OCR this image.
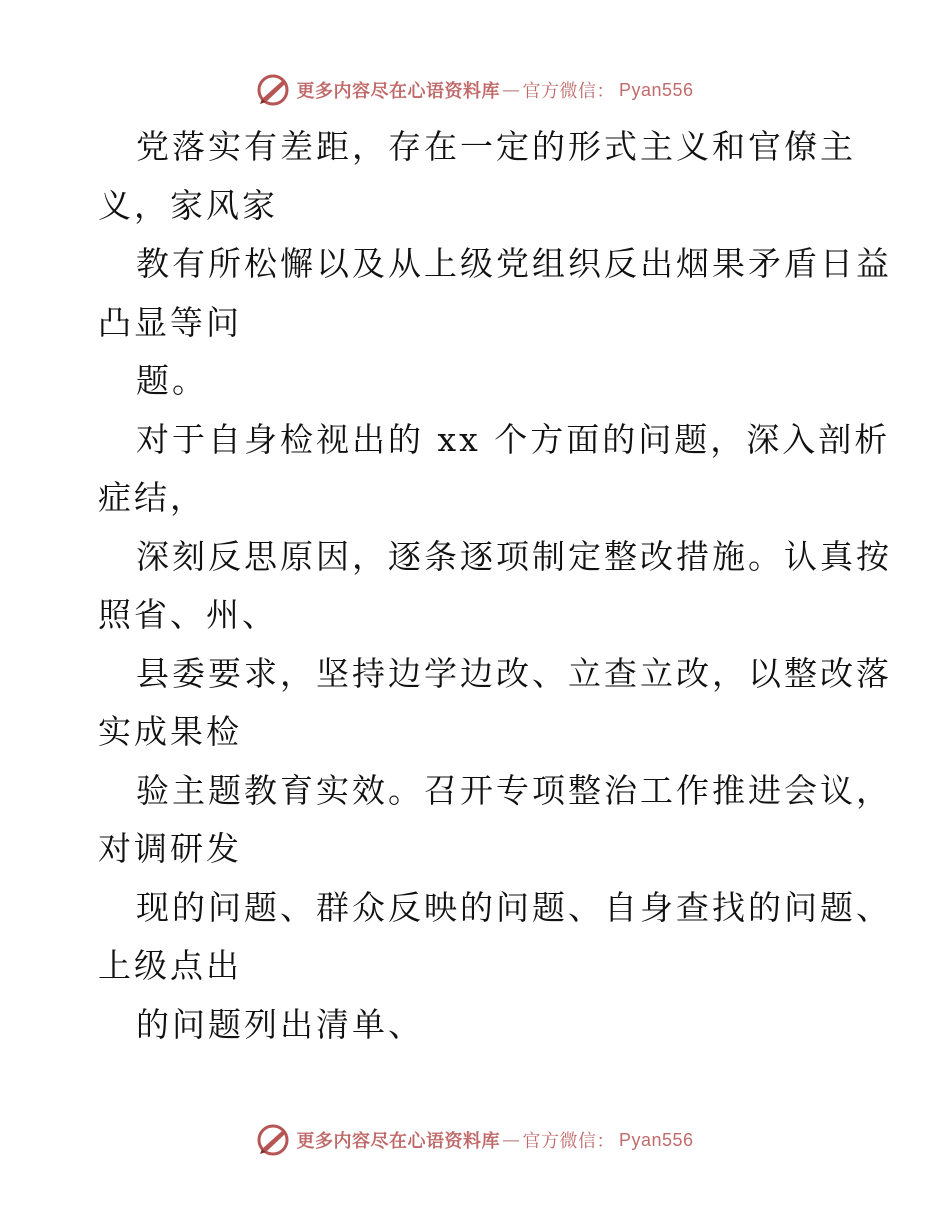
更多内容尽在心语资料库 — 官方微信： Pyan556
党落实有差距，存在一定的形式主义和官僚主
义，家风家
教有所松懈以及从上级党组织反出烟果矛盾日益
凸显等问
题。
对于自身检视出的 xx 个方面的问题，深入剖析
症结，
深刻反思原因，逐条逐项制定整改措施。认真按
照省、州、
县委要求，坚持边学边改、立查立改，以整改落
实成果检
验主题教育实效。召开专项整治工作推进会议，
对调研发
现的问题、群众反映的问题、自身查找的问题、
上级点出
的问题列出清单、
更多内容尽在心语资料库 — 官方微信： Pyan556
